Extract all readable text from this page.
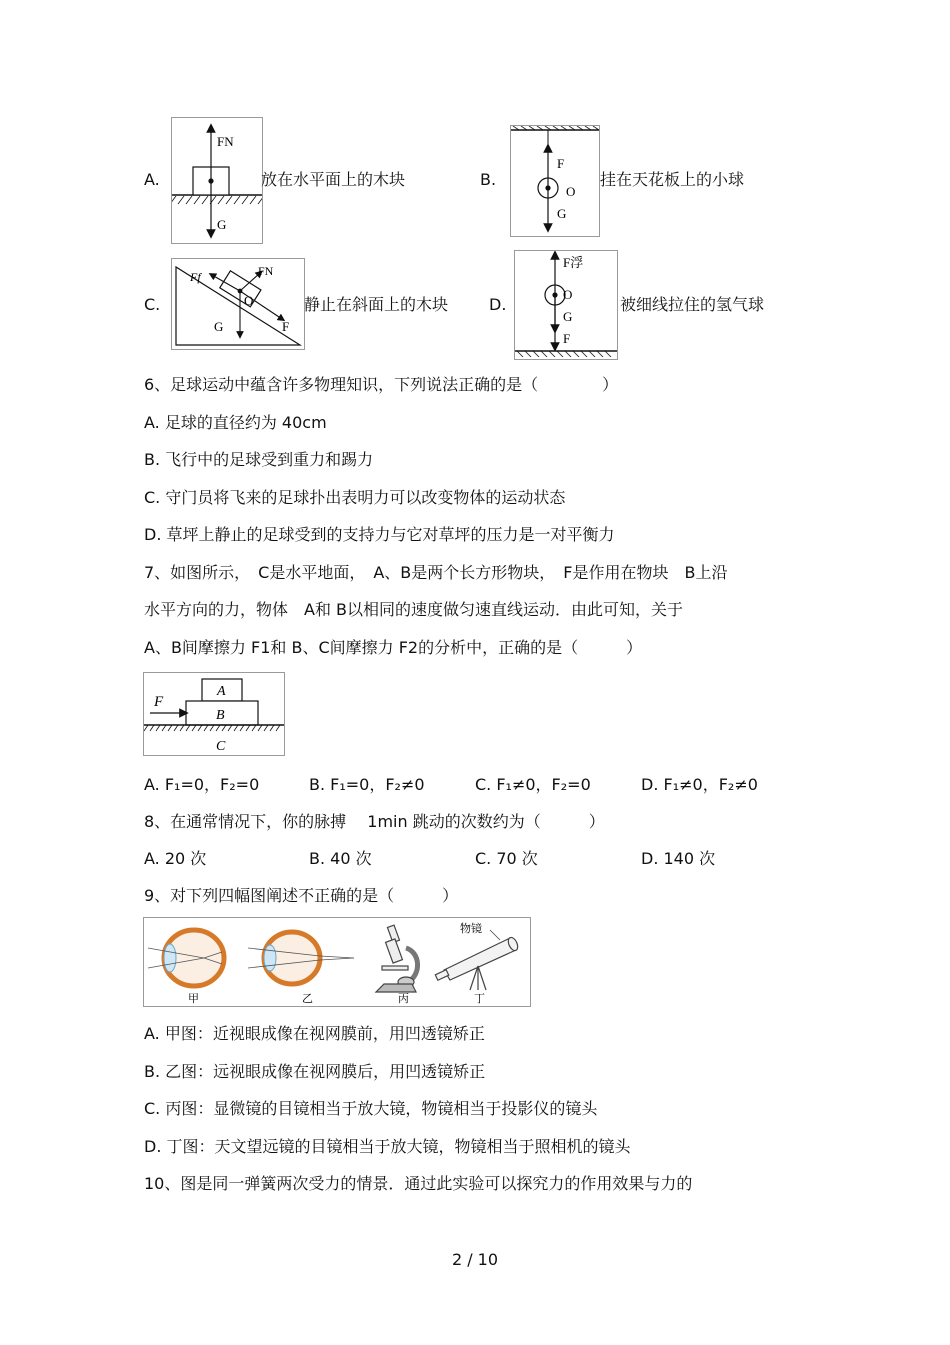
A.
FN
G
放在水平面上的木块	B.
F
O
G
挂在天花板上的小球
C.
Ff	FN
O
G	F
静止在斜面上的木块	D.
F浮
O
G
F
被细线拉住的氢气球
6、足球运动中蕴含许多物理知识，下列说法正确的是（　　　　）
A. 足球的直径约为 40cm
B. 飞行中的足球受到重力和踢力
C. 守门员将飞来的足球扑出表明力可以改变物体的运动状态
D. 草坪上静止的足球受到的支持力与它对草坪的压力是一对平衡力
7、如图所示，　C是水平地面，　A、B是两个长方形物块，　F是作用在物块　B上沿
水平方向的力，物体　A和 B以相同的速度做匀速直线运动．由此可知，关于
A、B间摩擦力 F1和 B、C间摩擦力 F2的分析中，正确的是（　　　）
F
A
B
C
A. F₁=0，F₂=0	B. F₁=0，F₂≠0	C. F₁≠0，F₂=0	D. F₁≠0，F₂≠0
8、在通常情况下，你的脉搏　 1min 跳动的次数约为（　　　）
A. 20 次	B. 40 次	C. 70 次	D. 140 次
9、对下列四幅图阐述不正确的是（　　　）
物镜
甲	乙	丙	丁
A. 甲图：近视眼成像在视网膜前，用凹透镜矫正
B. 乙图：远视眼成像在视网膜后，用凹透镜矫正
C. 丙图：显微镜的目镜相当于放大镜，物镜相当于投影仪的镜头
D. 丁图：天文望远镜的目镜相当于放大镜，物镜相当于照相机的镜头
10、图是同一弹簧两次受力的情景．通过此实验可以探究力的作用效果与力的
2 / 10
